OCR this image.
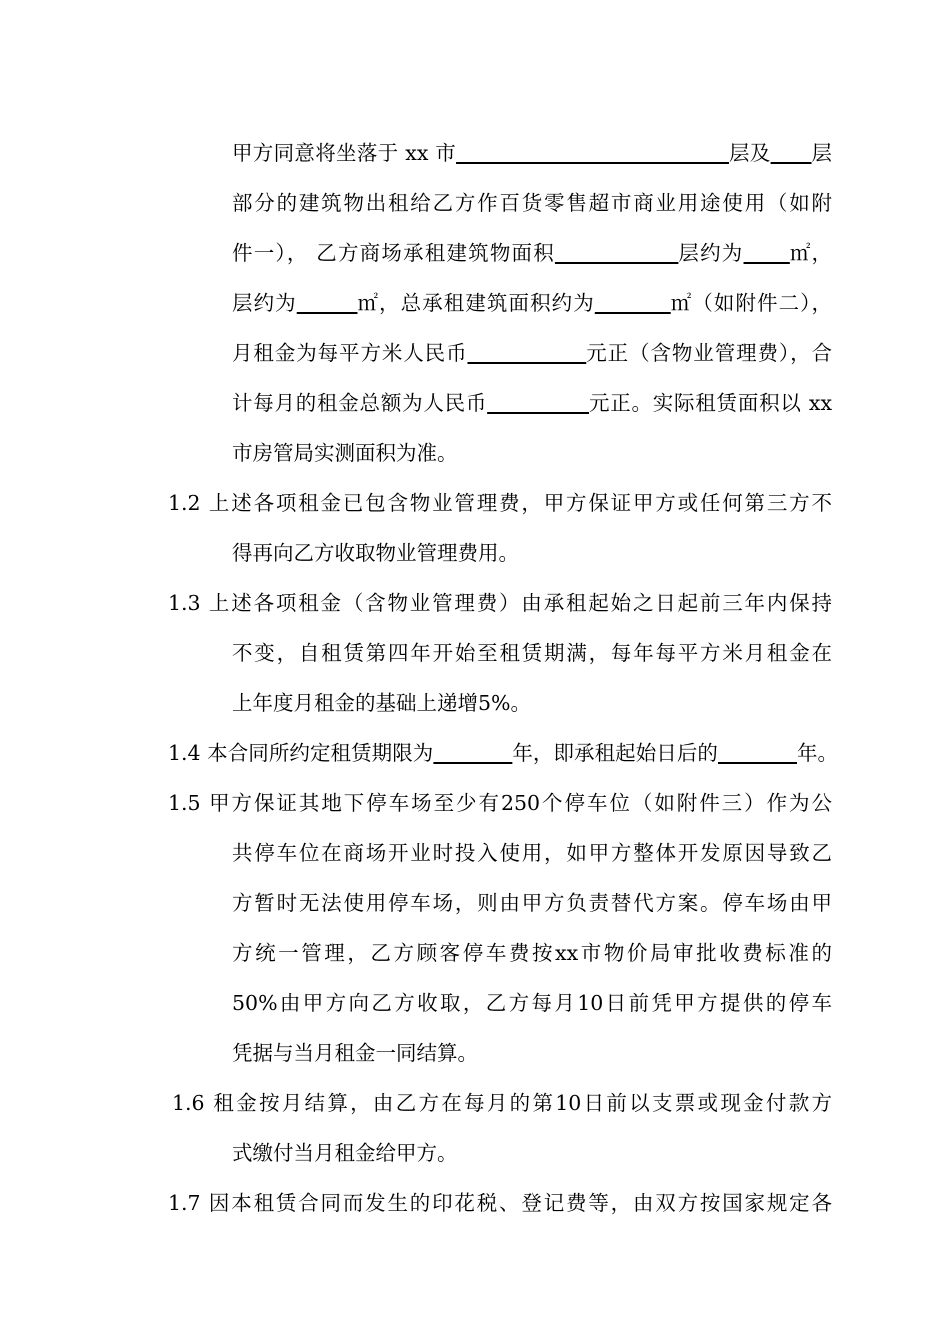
甲方同意将坐落于 xx 市	层及 层
部分的建筑物出租给乙方作百货零售超市商业用途使用（如附
件一）， 乙方商场承租建筑物面积	层约为 ㎡，
层约为	㎡，总承租建筑面积约为	㎡（如附件二），
月租金为每平方米人民币	元正（含物业管理费），合
计每月的租金总额为人民币	元正。实际租赁面积以 xx
市房管局实测面积为准。
1.2 上述各项租金已包含物业管理费，甲方保证甲方或任何第三方不
得再向乙方收取物业管理费用。
1.3 上述各项租金（含物业管理费）由承租起始之日起前三年内保持
不变，自租赁第四年开始至租赁期满，每年每平方米月租金在
上年度月租金的基础上递增5%。
1.4 本合同所约定租赁期限为	年，即承租起始日后的	年。
1.5 甲方保证其地下停车场至少有250个停车位（如附件三）作为公
共停车位在商场开业时投入使用，如甲方整体开发原因导致乙
方暂时无法使用停车场，则由甲方负责替代方案。停车场由甲
方统一管理，乙方顾客停车费按xx市物价局审批收费标准的
50%由甲方向乙方收取，乙方每月10日前凭甲方提供的停车
凭据与当月租金一同结算。
1.6 租金按月结算，由乙方在每月的第10日前以支票或现金付款方
式缴付当月租金给甲方。
1.7 因本租赁合同而发生的印花税、登记费等，由双方按国家规定各
